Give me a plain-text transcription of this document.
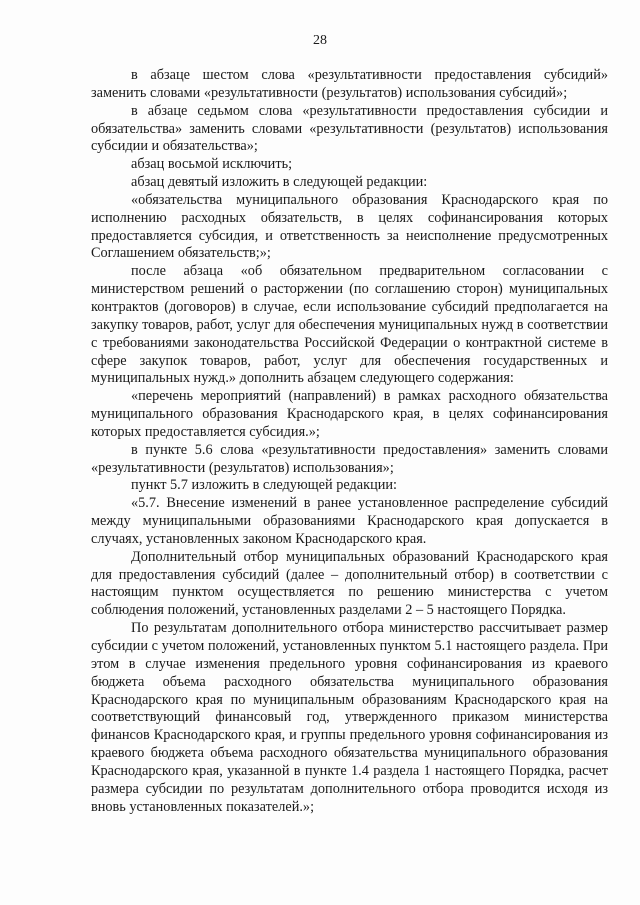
28

в абзаце шестом слова «результативности предоставления субсидий» заменить словами «результативности (результатов) использования субсидий»;

в абзаце седьмом слова «результативности предоставления субсидии и обязательства» заменить словами «результативности (результатов) использования субсидии и обязательства»;

абзац восьмой исключить;

абзац девятый изложить в следующей редакции:

«обязательства муниципального образования Краснодарского края по исполнению расходных обязательств, в целях софинансирования которых предоставляется субсидия, и ответственность за неисполнение предусмотренных Соглашением обязательств;»;

после абзаца «об обязательном предварительном согласовании с министерством решений о расторжении (по соглашению сторон) муниципальных контрактов (договоров) в случае, если использование субсидий предполагается на закупку товаров, работ, услуг для обеспечения муниципальных нужд в соответствии с требованиями законодательства Российской Федерации о контрактной системе в сфере закупок товаров, работ, услуг для обеспечения государственных и муниципальных нужд.» дополнить абзацем следующего содержания:

«перечень мероприятий (направлений) в рамках расходного обязательства муниципального образования Краснодарского края, в целях софинансирования которых предоставляется субсидия.»;

в пункте 5.6 слова «результативности предоставления» заменить словами «результативности (результатов) использования»;

пункт 5.7 изложить в следующей редакции:

«5.7. Внесение изменений в ранее установленное распределение субсидий между муниципальными образованиями Краснодарского края допускается в случаях, установленных законом Краснодарского края.

Дополнительный отбор муниципальных образований Краснодарского края для предоставления субсидий (далее – дополнительный отбор) в соответствии с настоящим пунктом осуществляется по решению министерства с учетом соблюдения положений, установленных разделами 2 – 5 настоящего Порядка.

По результатам дополнительного отбора министерство рассчитывает размер субсидии с учетом положений, установленных пунктом 5.1 настоящего раздела. При этом в случае изменения предельного уровня софинансирования из краевого бюджета объема расходного обязательства муниципального образования Краснодарского края по муниципальным образованиям Краснодарского края на соответствующий финансовый год, утвержденного приказом министерства финансов Краснодарского края, и группы предельного уровня софинансирования из краевого бюджета объема расходного обязательства муниципального образования Краснодарского края, указанной в пункте 1.4 раздела 1 настоящего Порядка, расчет размера субсидии по результатам дополнительного отбора проводится исходя из вновь установленных показателей.»;
